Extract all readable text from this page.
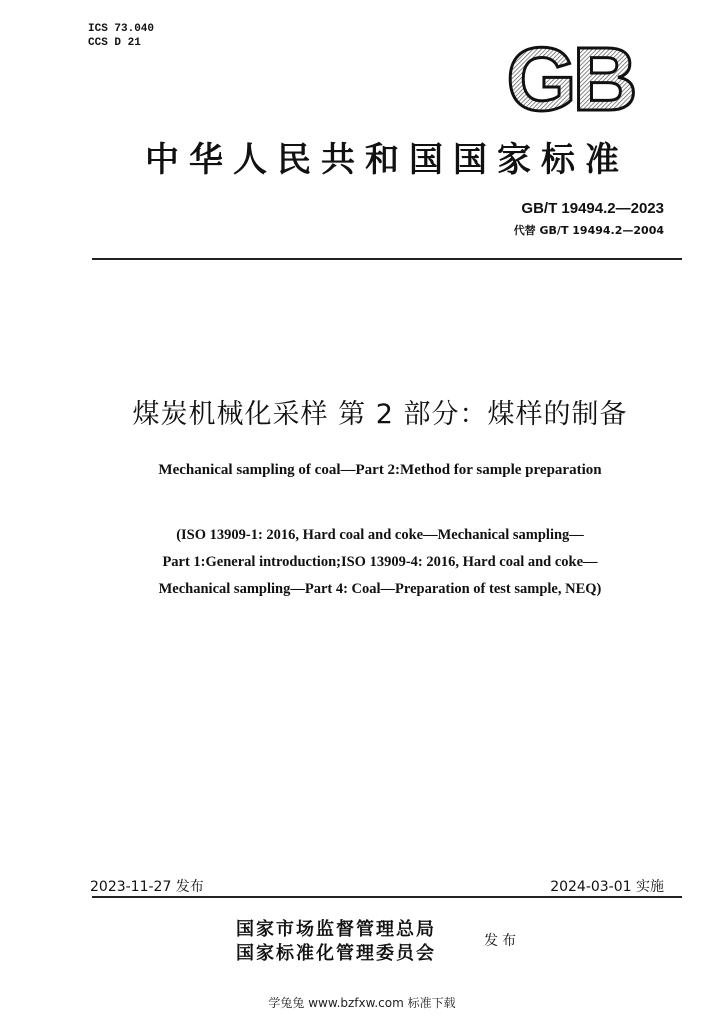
ICS 73.040
CCS D 21	GB
中华人民共和国国家标准
GB/T 19494.2—2023
代替 GB/T 19494.2—2004
煤炭机械化采样 第 2 部分：煤样的制备
Mechanical sampling of coal—Part 2:Method for sample preparation
(ISO 13909-1: 2016, Hard coal and coke—Mechanical sampling—
Part 1:General introduction;ISO 13909-4: 2016, Hard coal and coke—
Mechanical sampling—Part 4: Coal—Preparation of test sample, NEQ)
2023-11-27 发布	2024-03-01 实施
国家市场监督管理总局
国家标准化管理委员会
发布
学兔兔 www.bzfxw.com 标准下载
